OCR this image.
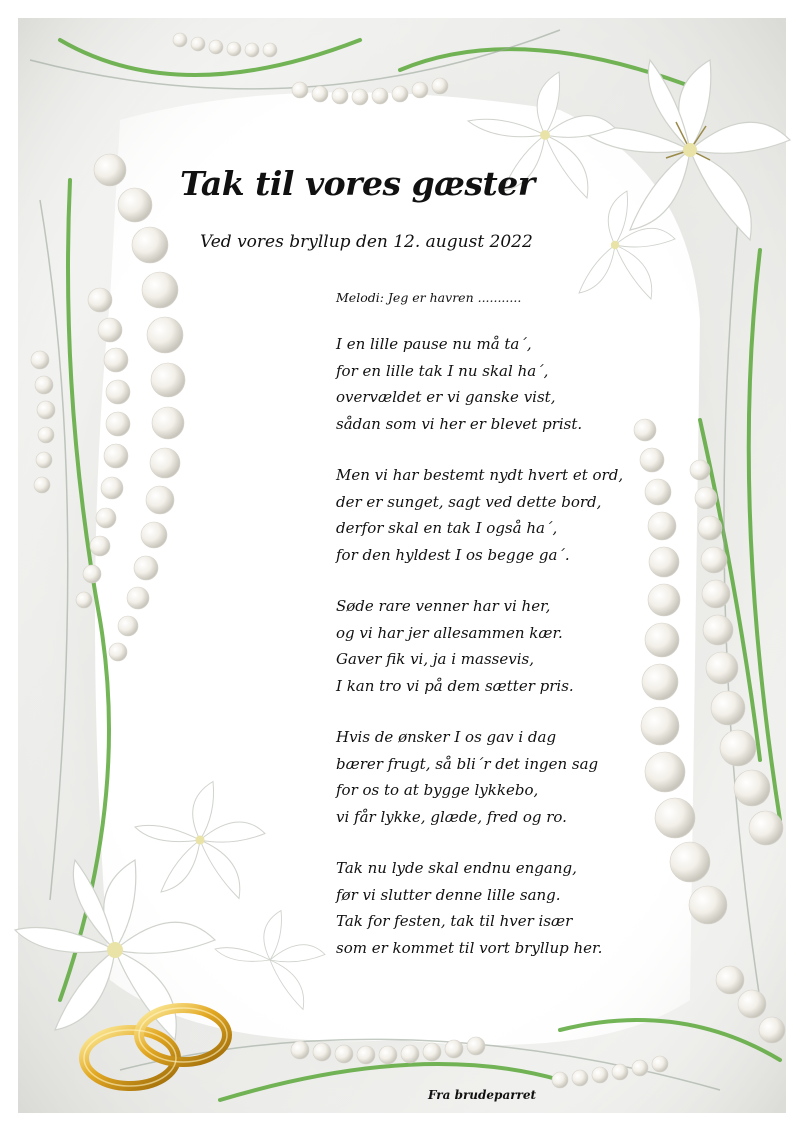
Tak til vores gæster
Ved vores bryllup den 12. august 2022
Melodi: Jeg er havren ...........
I en lille pause nu må ta´,
for en lille tak I nu skal ha´,
overvældet er vi ganske vist,
sådan som vi her er blevet prist.
Men vi har bestemt nydt hvert et ord,
der er sunget, sagt ved dette bord,
derfor skal en tak I også ha´,
for den hyldest I os begge ga´.
Søde rare venner har vi her,
og vi har jer allesammen kær.
Gaver fik vi, ja i massevis,
I kan tro vi på dem sætter pris.
Hvis de ønsker I os gav i dag
bærer frugt, så bli´r det ingen sag
for os to at bygge lykkebo,
vi får lykke, glæde, fred og ro.
Tak nu lyde skal endnu engang,
før vi slutter denne lille sang.
Tak for festen, tak til hver især
som er kommet til vort bryllup her.
Fra brudeparret
